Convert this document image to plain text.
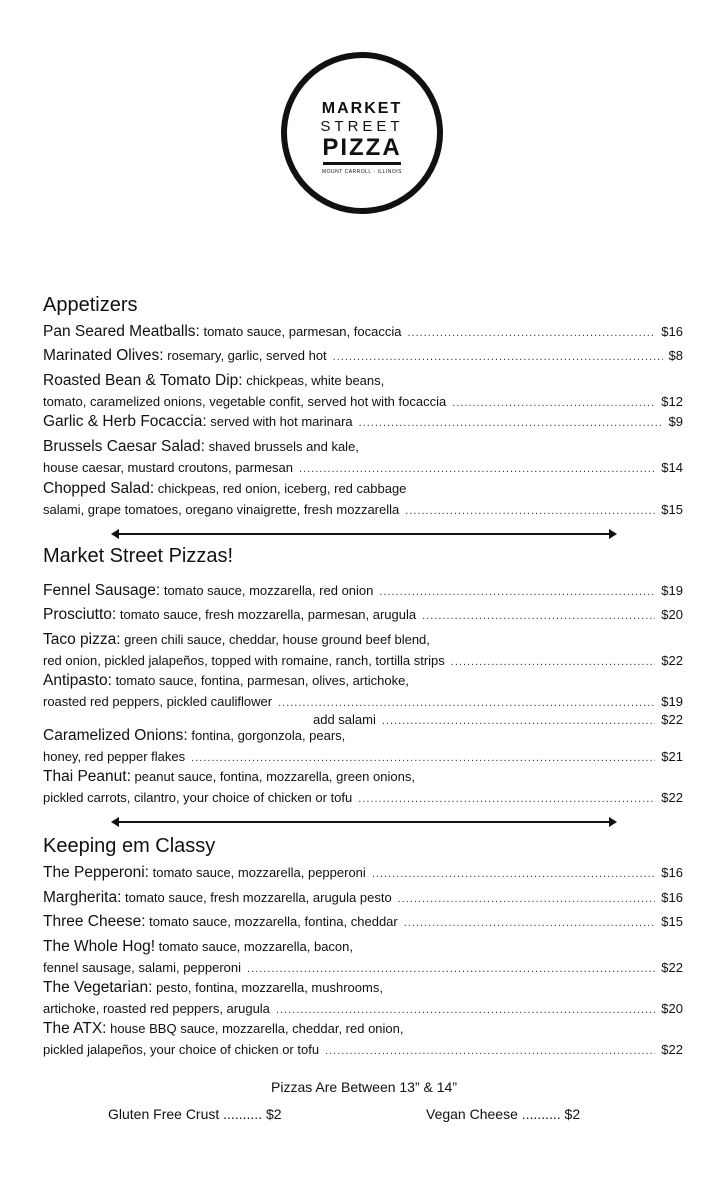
MARKET
STREET
PIZZA
MOUNT CARROLL · ILLINOIS
Appetizers
Pan Seared Meatballs:
tomato sauce, parmesan, focaccia .....	$16
Marinated Olives:
rosemary, garlic, served hot .....	$8
Roasted Bean & Tomato Dip:
chickpeas, white beans,
tomato, caramelized onions, vegetable confit, served hot with focaccia .....	$12
Garlic & Herb Focaccia:
served with hot marinara .....	$9
Brussels Caesar Salad:
shaved brussels and kale,
house caesar, mustard croutons, parmesan .....	$14
Chopped Salad:
chickpeas, red onion, iceberg, red cabbage
salami, grape tomatoes, oregano vinaigrette, fresh mozzarella .....	$15
Market Street Pizzas!
Fennel Sausage:
tomato sauce, mozzarella, red onion .....	$19
Prosciutto:
tomato sauce, fresh mozzarella, parmesan, arugula .....	$20
Taco pizza:
green chili sauce, cheddar, house ground beef blend,
red onion, pickled jalapeños, topped with romaine, ranch, tortilla strips .....	$22
Antipasto:
tomato sauce, fontina, parmesan, olives, artichoke,
roasted red peppers, pickled cauliflower .....	$19
add salami .....	$22
Caramelized Onions:
fontina, gorgonzola, pears,
honey, red pepper flakes .....	$21
Thai Peanut:
peanut sauce, fontina, mozzarella, green onions,
pickled carrots, cilantro, your choice of chicken or tofu .....	$22
Keeping em Classy
The Pepperoni:
tomato sauce, mozzarella, pepperoni .....	$16
Margherita:
tomato sauce, fresh mozzarella, arugula pesto .....	$16
Three Cheese:
tomato sauce, mozzarella, fontina, cheddar .....	$15
The Whole Hog!
tomato sauce, mozzarella, bacon,
fennel sausage, salami, pepperoni .....	$22
The Vegetarian:
pesto, fontina, mozzarella, mushrooms,
artichoke, roasted red peppers, arugula .....	$20
The ATX:
house BBQ sauce, mozzarella, cheddar, red onion,
pickled jalapeños, your choice of chicken or tofu .....	$22
Pizzas Are Between 13” & 14”
Gluten Free Crust .......... $2	Vegan Cheese .......... $2
